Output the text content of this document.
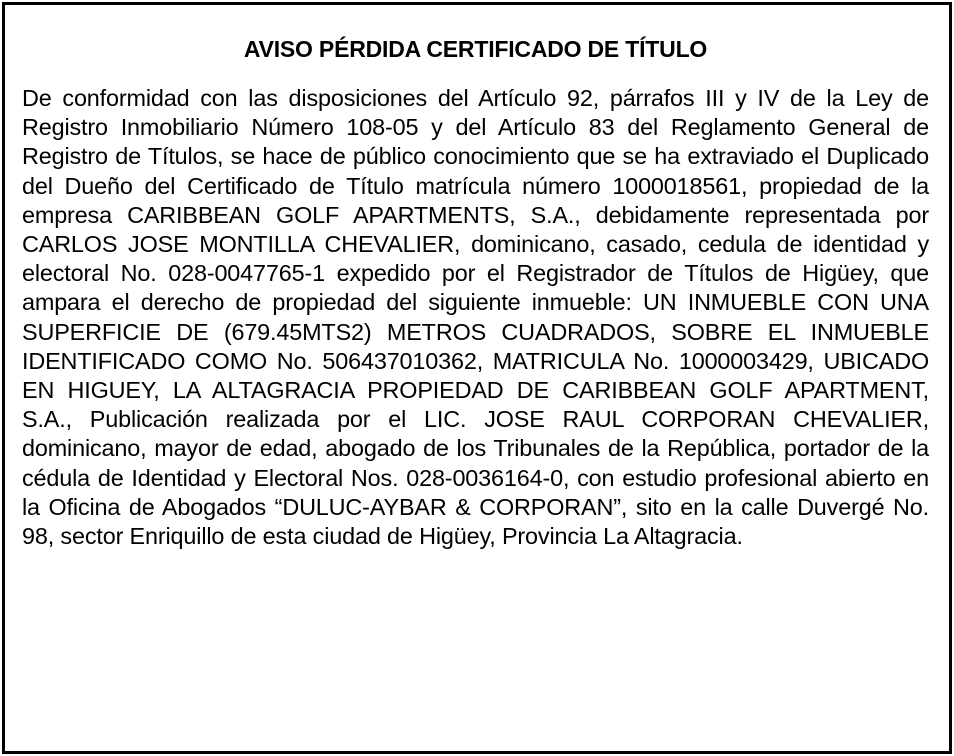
AVISO PÉRDIDA CERTIFICADO DE TÍTULO

De conformidad con las disposiciones del Artículo 92, párrafos III y IV de la Ley de Registro Inmobiliario Número 108-05 y del Artículo 83 del Reglamento General de Registro de Títulos, se hace de público conocimiento que se ha extraviado el Duplicado del Dueño del Certificado de Título matrícula número 1000018561, propiedad de la empresa CARIBBEAN GOLF APARTMENTS, S.A., debidamente representada por CARLOS JOSE MONTILLA CHEVALIER, dominicano, casado, cedula de identidad y electoral No. 028-0047765-1 expedido por el Registrador de Títulos de Higüey, que ampara el derecho de propiedad del siguiente inmueble: UN INMUEBLE CON UNA SUPERFICIE DE (679.45MTS2) METROS CUADRADOS, SOBRE EL INMUEBLE IDENTIFICADO COMO No. 506437010362, MATRICULA No. 1000003429, UBICADO EN HIGUEY, LA ALTAGRACIA PROPIEDAD DE CARIBBEAN GOLF APARTMENT, S.A., Publicación realizada por el LIC. JOSE RAUL CORPORAN CHEVALIER, dominicano, mayor de edad, abogado de los Tribunales de la República, portador de la cédula de Identidad y Electoral Nos. 028-0036164-0, con estudio profesional abierto en la Oficina de Abogados “DULUC-AYBAR & CORPORAN”, sito en la calle Duvergé No. 98, sector Enriquillo de esta ciudad de Higüey, Provincia La Altagracia.
